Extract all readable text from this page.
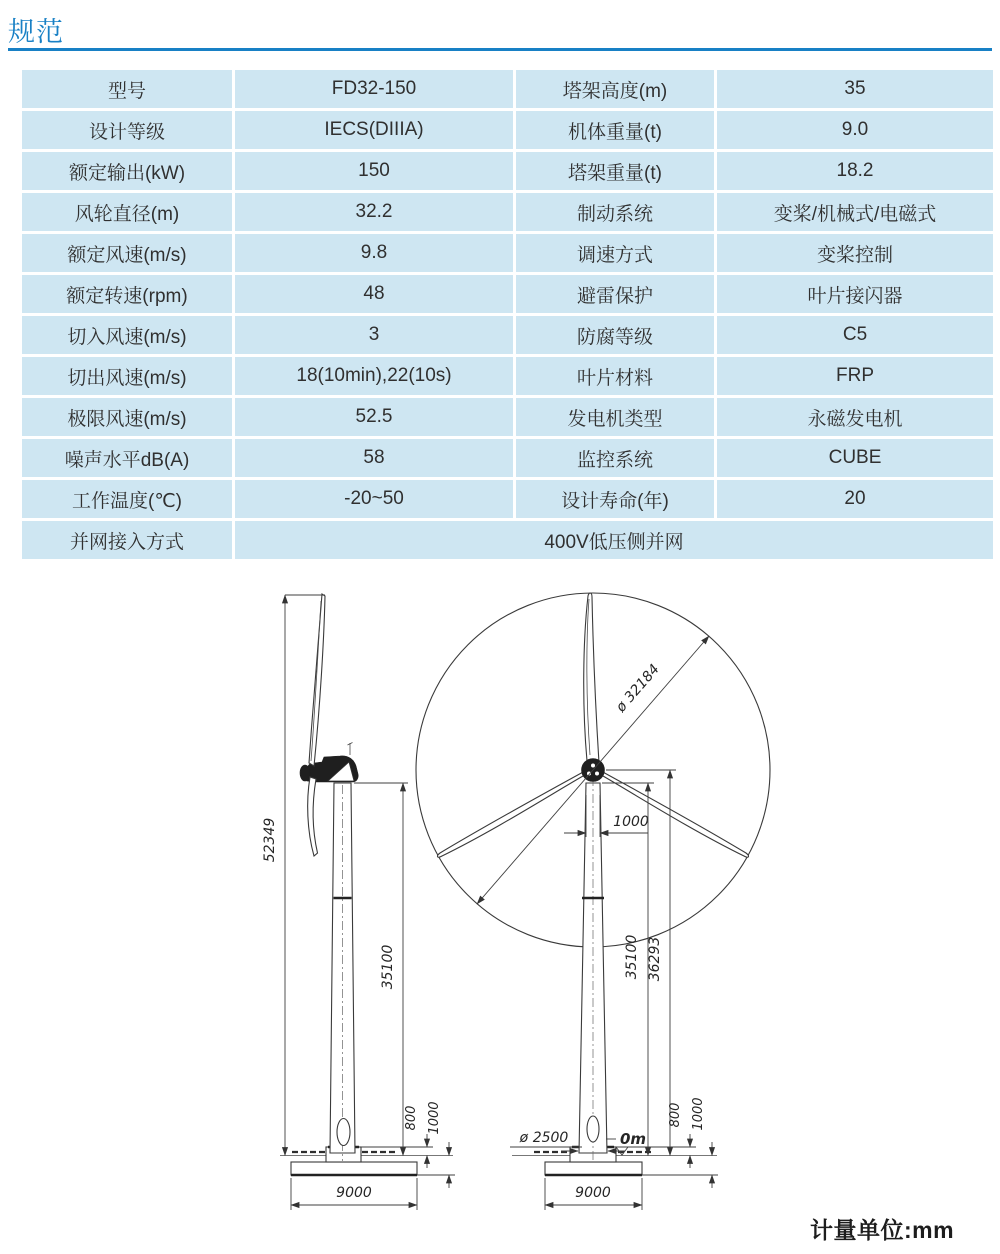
规范
型号	FD32-150	塔架高度(m)	35
设计等级	IECS(DIIIA)	机体重量(t)	9.0
额定输出(kW)	150	塔架重量(t)	18.2
风轮直径(m)	32.2	制动系统	变桨/机械式/电磁式
额定风速(m/s)	9.8	调速方式	变桨控制
额定转速(rpm)	48	避雷保护	叶片接闪器
切入风速(m/s)	3	防腐等级	C5
切出风速(m/s)	18(10min),22(10s)	叶片材料	FRP
极限风速(m/s)	52.5	发电机类型	永磁发电机
噪声水平dB(A)	58	监控系统	CUBE
工作温度(℃)	-20~50	设计寿命(年)	20
并网接入方式	400V低压侧并网		
52349
35100
800 1000
9000
ø 32184
1000
35100 36293
ø 2500	0m
800 1000
9000
计量单位:mm
